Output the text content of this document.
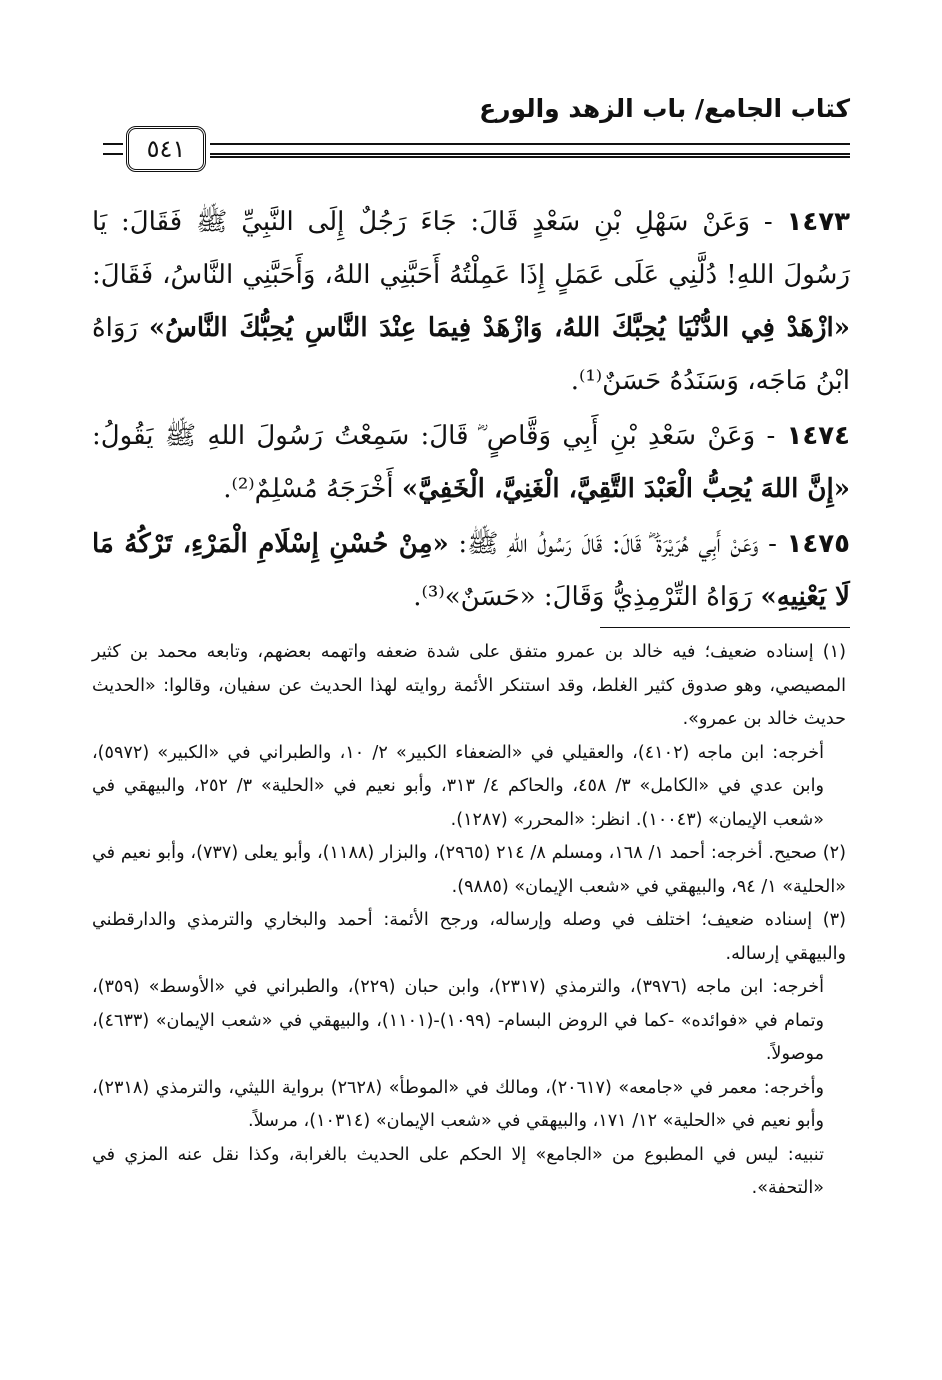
كتاب الجامع/ باب الزهد والورع
٥٤١

١٤٧٣ - وَعَنْ سَهْلِ بْنِ سَعْدٍ قَالَ: جَاءَ رَجُلٌ إِلَى النَّبِيِّ ﷺ فَقَالَ: يَا رَسُولَ اللهِ! دُلَّنِي عَلَى عَمَلٍ إِذَا عَمِلْتُهُ أَحَبَّنِي اللهُ، وَأَحَبَّنِي النَّاسُ، فَقَالَ: «ازْهَدْ فِي الدُّنْيَا يُحِبَّكَ اللهُ، وَازْهَدْ فِيمَا عِنْدَ النَّاسِ يُحِبُّكَ النَّاسُ» رَوَاهُ ابْنُ مَاجَه، وَسَنَدُهُ حَسَنٌ⁽¹⁾.

١٤٧٤ - وَعَنْ سَعْدِ بْنِ أَبِي وَقَّاصٍ ؓ قَالَ: سَمِعْتُ رَسُولَ اللهِ ﷺ يَقُولُ: «إِنَّ اللهَ يُحِبُّ الْعَبْدَ التَّقِيَّ، الْغَنِيَّ، الْخَفِيَّ» أَخْرَجَهُ مُسْلِمٌ⁽²⁾.

١٤٧٥ - وَعَنْ أَبِي هُرَيْرَةَ ؓ قَالَ: قَالَ رَسُولُ اللهِ ﷺ: «مِنْ حُسْنِ إِسْلَامِ الْمَرْءِ، تَرْكُهُ مَا لَا يَعْنِيهِ» رَوَاهُ التِّرْمِذِيُّ وَقَالَ: «حَسَنٌ»⁽³⁾.

(١) إسناده ضعيف؛ فيه خالد بن عمرو متفق على شدة ضعفه واتهمه بعضهم، وتابعه محمد بن كثير المصيصي، وهو صدوق كثير الغلط، وقد استنكر الأئمة روايته لهذا الحديث عن سفيان، وقالوا: «الحديث حديث خالد بن عمرو».

أخرجه: ابن ماجه (٤١٠٢)، والعقيلي في «الضعفاء الكبير» ٢/ ١٠، والطبراني في «الكبير» (٥٩٧٢)، وابن عدي في «الكامل» ٣/ ٤٥٨، والحاكم ٤/ ٣١٣، وأبو نعيم في «الحلية» ٣/ ٢٥٢، والبيهقي في «شعب الإيمان» (١٠٠٤٣). انظر: «المحرر» (١٢٨٧).

(٢) صحيح. أخرجه: أحمد ١/ ١٦٨، ومسلم ٨/ ٢١٤ (٢٩٦٥)، والبزار (١١٨٨)، وأبو يعلى (٧٣٧)، وأبو نعيم في «الحلية» ١/ ٩٤، والبيهقي في «شعب الإيمان» (٩٨٨٥).

(٣) إسناده ضعيف؛ اختلف في وصله وإرساله، ورجح الأئمة: أحمد والبخاري والترمذي والدارقطني والبيهقي إرساله.

أخرجه: ابن ماجه (٣٩٧٦)، والترمذي (٢٣١٧)، وابن حبان (٢٢٩)، والطبراني في «الأوسط» (٣٥٩)، وتمام في «فوائده» -كما في الروض البسام- (١٠٩٩)-(١١٠١)، والبيهقي في «شعب الإيمان» (٤٦٣٣)، موصولاً.

وأخرجه: معمر في «جامعه» (٢٠٦١٧)، ومالك في «الموطأ» (٢٦٢٨) برواية الليثي، والترمذي (٢٣١٨)، وأبو نعيم في «الحلية» ١٢/ ١٧١، والبيهقي في «شعب الإيمان» (١٠٣١٤)، مرسلاً.

تنبيه: ليس في المطبوع من «الجامع» إلا الحكم على الحديث بالغرابة، وكذا نقل عنه المزي في «التحفة».
